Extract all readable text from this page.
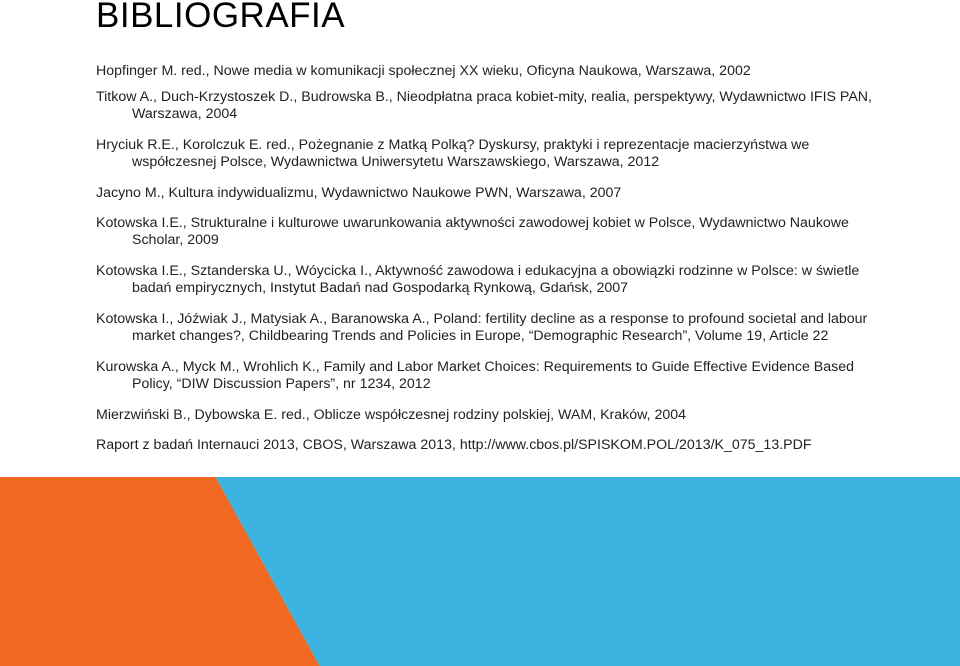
BIBLIOGRAFIA
Hopfinger M. red., Nowe media w komunikacji społecznej XX wieku, Oficyna Naukowa, Warszawa, 2002
Titkow A., Duch-Krzystoszek D., Budrowska B., Nieodpłatna praca kobiet-mity, realia, perspektywy, Wydawnictwo IFIS PAN, Warszawa, 2004
Hryciuk R.E., Korolczuk E. red., Pożegnanie z Matką Polką? Dyskursy, praktyki i reprezentacje macierzyństwa we współczesnej Polsce, Wydawnictwa Uniwersytetu Warszawskiego, Warszawa, 2012
Jacyno M., Kultura indywidualizmu, Wydawnictwo Naukowe PWN, Warszawa, 2007
Kotowska I.E., Strukturalne i kulturowe uwarunkowania aktywności zawodowej kobiet w Polsce, Wydawnictwo Naukowe Scholar, 2009
Kotowska I.E., Sztanderska U., Wóycicka I., Aktywność zawodowa i edukacyjna a obowiązki rodzinne w Polsce: w świetle badań empirycznych, Instytut Badań nad Gospodarką Rynkową, Gdańsk, 2007
Kotowska I., Jóźwiak J., Matysiak A., Baranowska A., Poland: fertility decline as a response to profound societal and labour market changes?, Childbearing Trends and Policies in Europe, “Demographic Research”, Volume 19, Article 22
Kurowska A., Myck M., Wrohlich K., Family and Labor Market Choices: Requirements to Guide Effective Evidence Based Policy, “DIW Discussion Papers”, nr 1234, 2012
Mierzwiński B., Dybowska E. red., Oblicze współczesnej rodziny polskiej, WAM, Kraków, 2004
Raport z badań Internauci 2013, CBOS, Warszawa 2013, http://www.cbos.pl/SPISKOM.POL/2013/K_075_13.PDF
